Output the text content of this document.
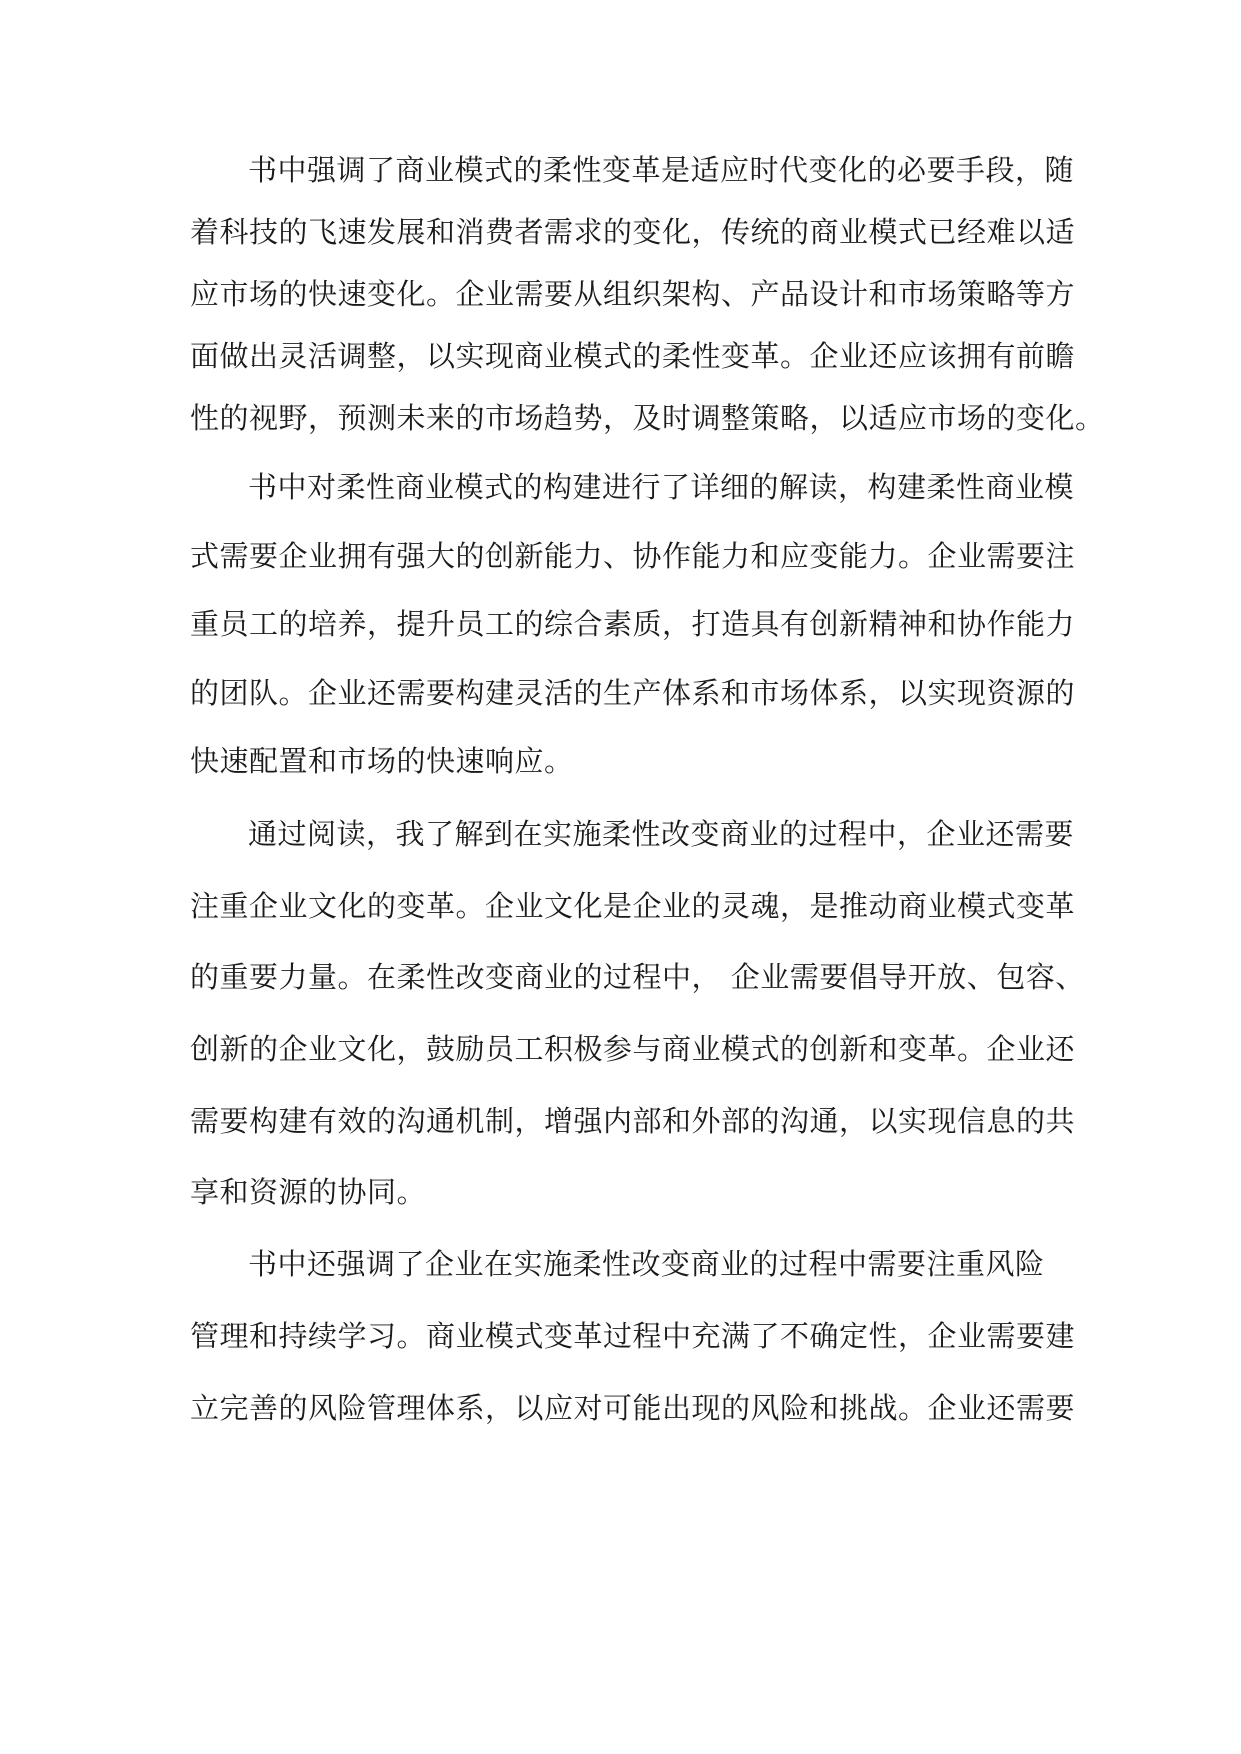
书中强调了商业模式的柔性变革是适应时代变化的必要手段，随
着科技的飞速发展和消费者需求的变化，传统的商业模式已经难以适
应市场的快速变化。企业需要从组织架构、产品设计和市场策略等方
面做出灵活调整，以实现商业模式的柔性变革。企业还应该拥有前瞻
性的视野，预测未来的市场趋势，及时调整策略，以适应市场的变化。
书中对柔性商业模式的构建进行了详细的解读，构建柔性商业模
式需要企业拥有强大的创新能力、协作能力和应变能力。企业需要注
重员工的培养，提升员工的综合素质，打造具有创新精神和协作能力
的团队。企业还需要构建灵活的生产体系和市场体系，以实现资源的
快速配置和市场的快速响应。
通过阅读，我了解到在实施柔性改变商业的过程中，企业还需要
注重企业文化的变革。企业文化是企业的灵魂，是推动商业模式变革
的重要力量。在柔性改变商业的过程中， 企业需要倡导开放、包容、
创新的企业文化，鼓励员工积极参与商业模式的创新和变革。企业还
需要构建有效的沟通机制，增强内部和外部的沟通，以实现信息的共
享和资源的协同。
书中还强调了企业在实施柔性改变商业的过程中需要注重风险
管理和持续学习。商业模式变革过程中充满了不确定性，企业需要建
立完善的风险管理体系，以应对可能出现的风险和挑战。企业还需要
